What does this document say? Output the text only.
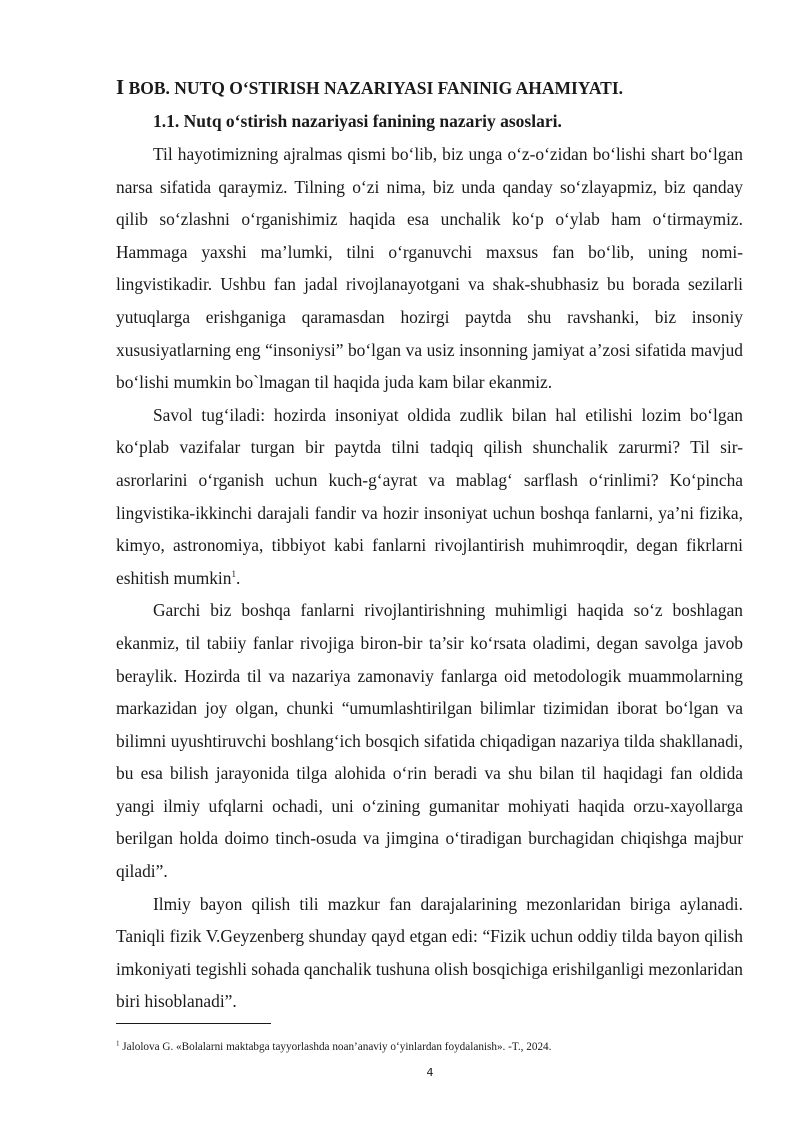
I BOB. NUTQ O‘STIRISH NAZARIYASI FANINIG AHAMIYATI.
1.1. Nutq o‘stirish nazariyasi fanining nazariy asoslari.

Til hayotimizning ajralmas qismi bo‘lib, biz unga o‘z-o‘zidan bo‘lishi shart bo‘lgan narsa sifatida qaraymiz. Tilning o‘zi nima, biz unda qanday so‘zlayapmiz, biz qanday qilib so‘zlashni o‘rganishimiz haqida esa unchalik ko‘p o‘ylab ham o‘tirmaymiz. Hammaga yaxshi ma’lumki, tilni o‘rganuvchi maxsus fan bo‘lib, uning nomi-lingvistikadir. Ushbu fan jadal rivojlanayotgani va shak-shubhasiz bu borada sezilarli yutuqlarga erishganiga qaramasdan hozirgi paytda shu ravshanki, biz insoniy xususiyatlarning eng “insoniysi” bo‘lgan va usiz insonning jamiyat a’zosi sifatida mavjud bo‘lishi mumkin bo`lmagan til haqida juda kam bilar ekanmiz.

Savol tug‘iladi: hozirda insoniyat oldida zudlik bilan hal etilishi lozim bo‘lgan ko‘plab vazifalar turgan bir paytda tilni tadqiq qilish shunchalik zarurmi? Til sir-asrorlarini o‘rganish uchun kuch-g‘ayrat va mablag‘ sarflash o‘rinlimi? Ko‘pincha lingvistika-ikkinchi darajali fandir va hozir insoniyat uchun boshqa fanlarni, ya’ni fizika, kimyo, astronomiya, tibbiyot kabi fanlarni rivojlantirish muhimroqdir, degan fikrlarni eshitish mumkin$^1$.

Garchi biz boshqa fanlarni rivojlantirishning muhimligi haqida so‘z boshlagan ekanmiz, til tabiiy fanlar rivojiga biron-bir ta’sir ko‘rsata oladimi, degan savolga javob beraylik. Hozirda til va nazariya zamonaviy fanlarga oid metodologik muammolarning markazidan joy olgan, chunki “umumlashtirilgan bilimlar tizimidan iborat bo‘lgan va bilimni uyushtiruvchi boshlang‘ich bosqich sifatida chiqadigan nazariya tilda shakllanadi, bu esa bilish jarayonida tilga alohida o‘rin beradi va shu bilan til haqidagi fan oldida yangi ilmiy ufqlarni ochadi, uni o‘zining gumanitar mohiyati haqida orzu-xayollarga berilgan holda doimo tinch-osuda va jimgina o‘tiradigan burchagidan chiqishga majbur qiladi”.

Ilmiy bayon qilish tili mazkur fan darajalarining mezonlaridan biriga aylanadi. Taniqli fizik V.Geyzenberg shunday qayd etgan edi: “Fizik uchun oddiy tilda bayon qilish imkoniyati tegishli sohada qanchalik tushuna olish bosqichiga erishilganligi mezonlaridan biri hisoblanadi”.

$^1$ Jalolova G. «Bolalarni maktabga tayyorlashda noan’anaviy o‘yinlardan foydalanish». -T., 2024.
4
